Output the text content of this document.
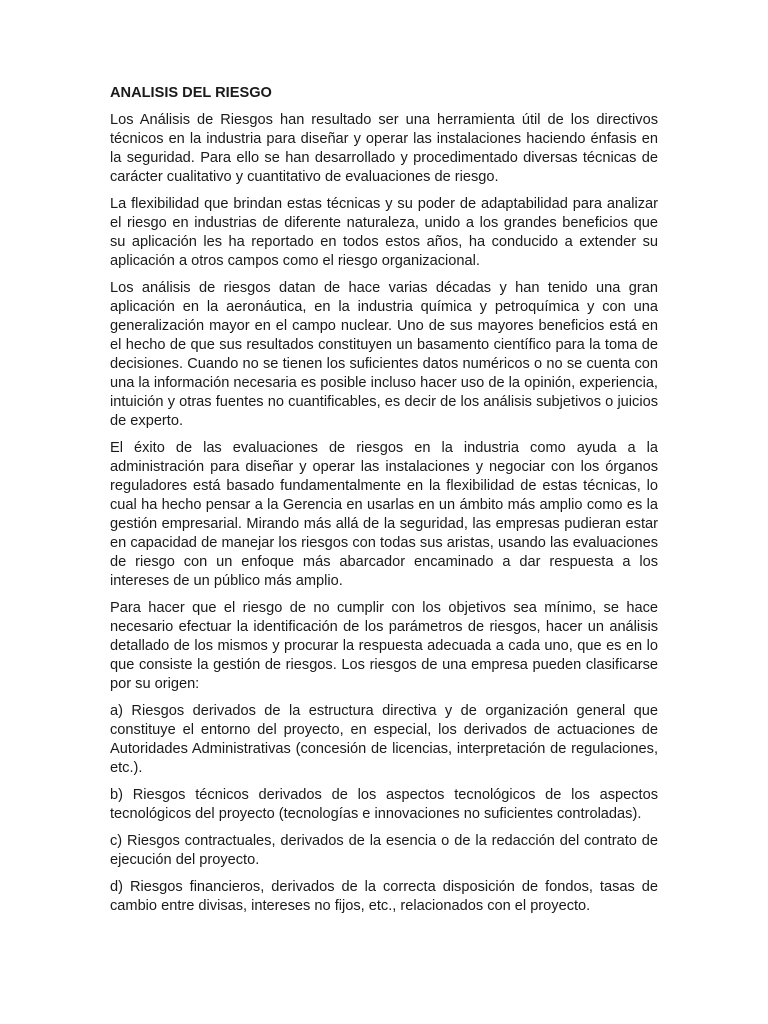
ANALISIS DEL RIESGO

Los Análisis de Riesgos han resultado ser una herramienta útil de los directivos técnicos en la industria para diseñar y operar las instalaciones haciendo énfasis en la seguridad. Para ello se han desarrollado y procedimentado diversas técnicas de carácter cualitativo y cuantitativo de evaluaciones de riesgo.

La flexibilidad que brindan estas técnicas y su poder de adaptabilidad para analizar el riesgo en industrias de diferente naturaleza, unido a los grandes beneficios que su aplicación les ha reportado en todos estos años, ha conducido a extender su aplicación a otros campos como el riesgo organizacional.

Los análisis de riesgos datan de hace varias décadas y han tenido una gran aplicación en la aeronáutica, en la industria química y petroquímica y con una generalización mayor en el campo nuclear. Uno de sus mayores beneficios está en el hecho de que sus resultados constituyen un basamento científico para la toma de decisiones. Cuando no se tienen los suficientes datos numéricos o no se cuenta con una la información necesaria es posible incluso hacer uso de la opinión, experiencia, intuición y otras fuentes no cuantificables, es decir de los análisis subjetivos o juicios de experto.

El éxito de las evaluaciones de riesgos en la industria como ayuda a la administración para diseñar y operar las instalaciones y negociar con los órganos reguladores está basado fundamentalmente en la flexibilidad de estas técnicas, lo cual ha hecho pensar a la Gerencia en usarlas en un ámbito más amplio como es la gestión empresarial. Mirando más allá de la seguridad, las empresas pudieran estar en capacidad de manejar los riesgos con todas sus aristas, usando las evaluaciones de riesgo con un enfoque más abarcador encaminado a dar respuesta a los intereses de un público más amplio.

Para hacer que el riesgo de no cumplir con los objetivos sea mínimo, se hace necesario efectuar la identificación de los parámetros de riesgos, hacer un análisis detallado de los mismos y procurar la respuesta adecuada a cada uno, que es en lo que consiste la gestión de riesgos. Los riesgos de una empresa pueden clasificarse por su origen:

a) Riesgos derivados de la estructura directiva y de organización general que constituye el entorno del proyecto, en especial, los derivados de actuaciones de Autoridades Administrativas (concesión de licencias, interpretación de regulaciones, etc.).

b) Riesgos técnicos derivados de los aspectos tecnológicos de los aspectos tecnológicos del proyecto (tecnologías e innovaciones no suficientes controladas).

c) Riesgos contractuales, derivados de la esencia o de la redacción del contrato de ejecución del proyecto.

d) Riesgos financieros, derivados de la correcta disposición de fondos, tasas de cambio entre divisas, intereses no fijos, etc., relacionados con el proyecto.
